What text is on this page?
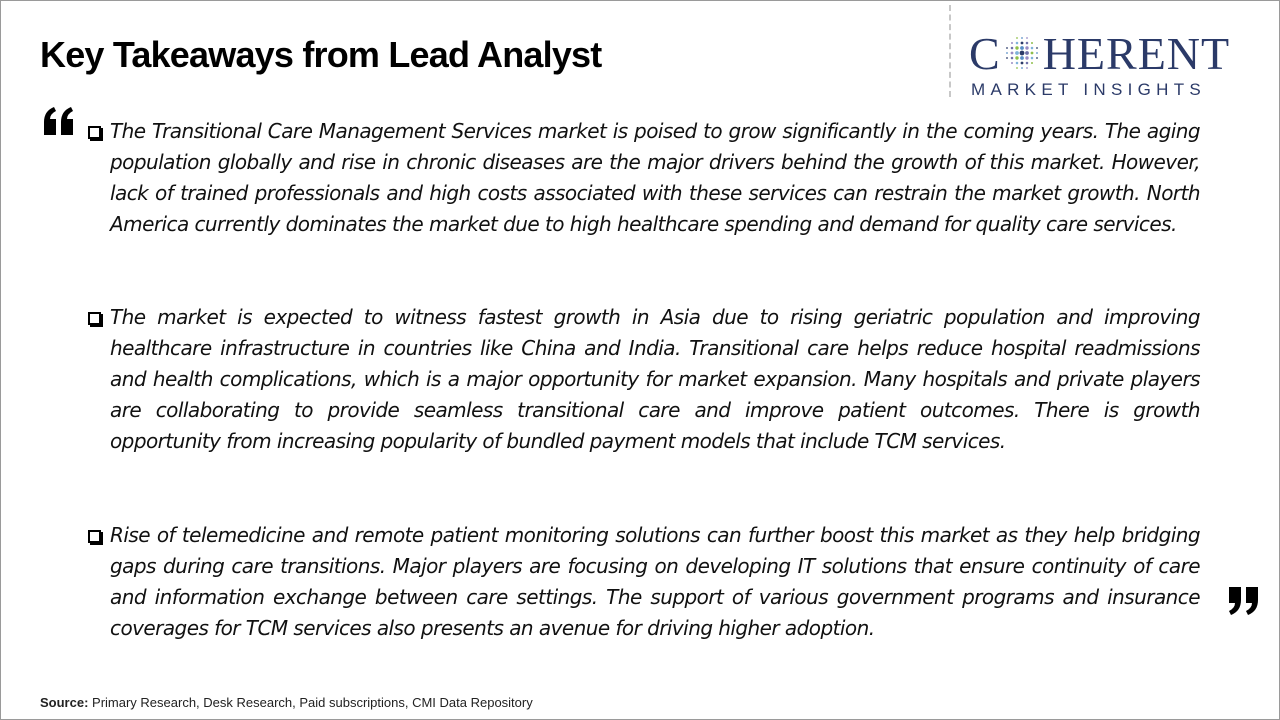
Key Takeaways from Lead Analyst	C HERENT
MARKET INSIGHTS

The Transitional Care Management Services market is poised to grow significantly in the coming years. The aging population globally and rise in chronic diseases are the major drivers behind the growth of this market. However, lack of trained professionals and high costs associated with these services can restrain the market growth. North America currently dominates the market due to high healthcare spending and demand for quality care services.

The market is expected to witness fastest growth in Asia due to rising geriatric population and improving healthcare infrastructure in countries like China and India. Transitional care helps reduce hospital readmissions and health complications, which is a major opportunity for market expansion. Many hospitals and private players are collaborating to provide seamless transitional care and improve patient outcomes. There is growth opportunity from increasing popularity of bundled payment models that include TCM services.

Rise of telemedicine and remote patient monitoring solutions can further boost this market as they help bridging gaps during care transitions. Major players are focusing on developing IT solutions that ensure continuity of care and information exchange between care settings. The support of various government programs and insurance coverages for TCM services also presents an avenue for driving higher adoption.

Source: Primary Research, Desk Research, Paid subscriptions, CMI Data Repository
